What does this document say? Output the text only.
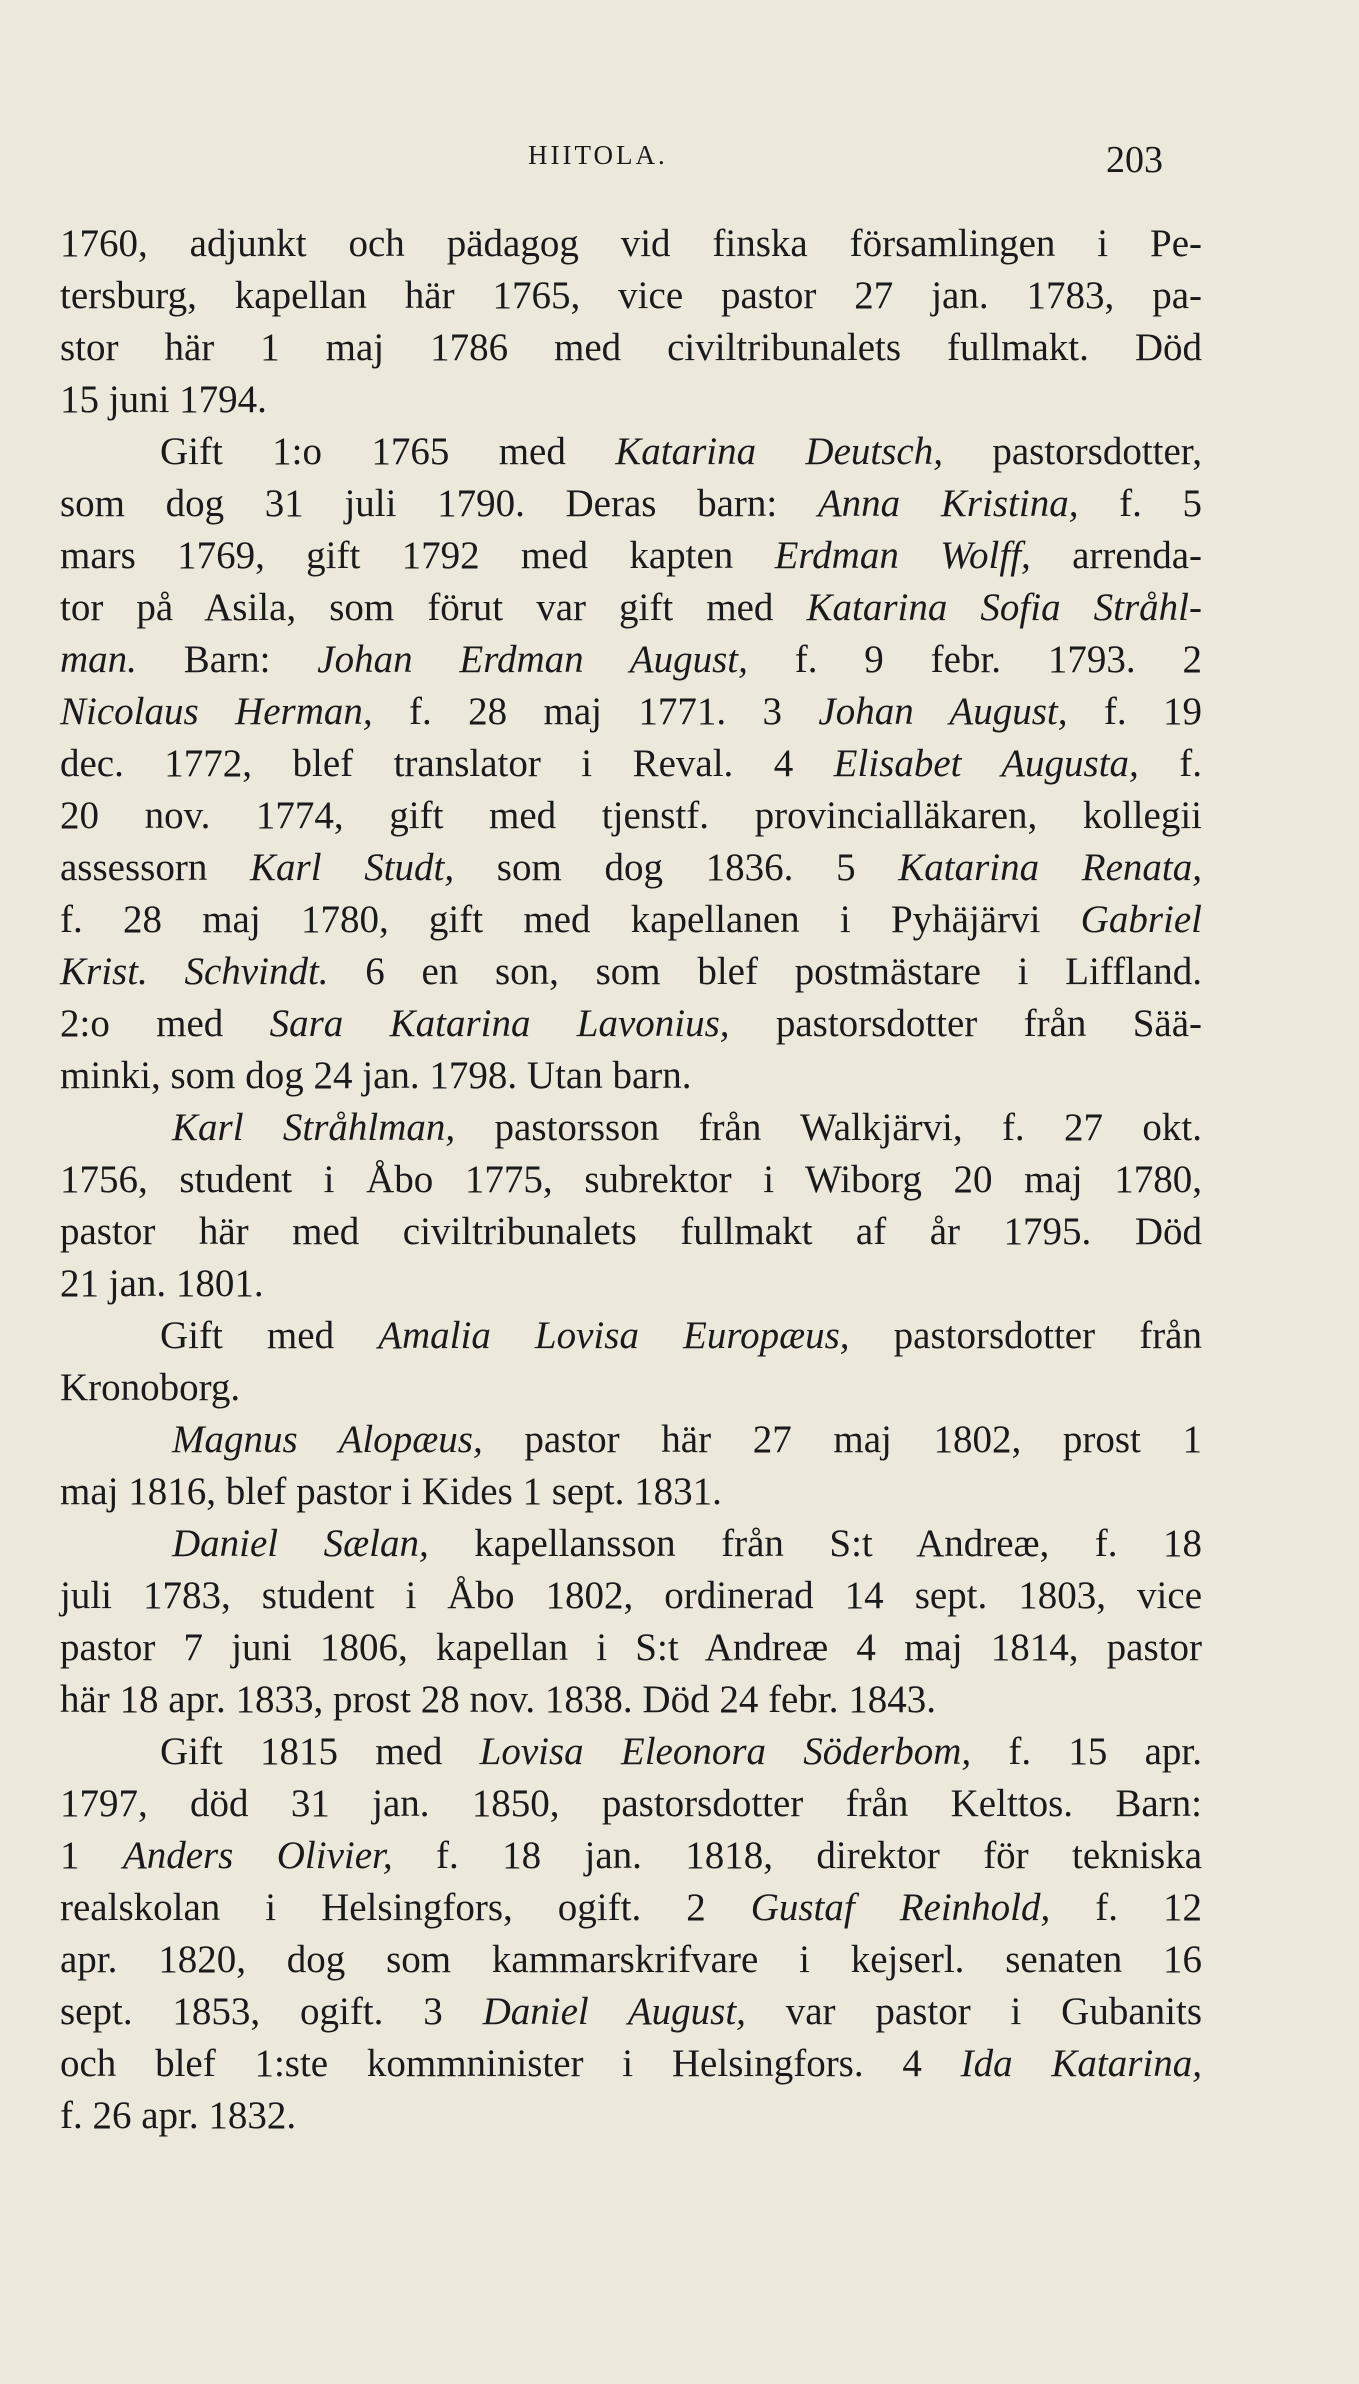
HIITOLA.	203
1760, adjunkt och pädagog vid finska församlingen i Pe-
tersburg, kapellan här 1765, vice pastor 27 jan. 1783, pa-
stor här 1 maj 1786 med civiltribunalets fullmakt. Död
15 juni 1794.
Gift 1:o 1765 med Katarina Deutsch, pastorsdotter,
som dog 31 juli 1790. Deras barn: Anna Kristina, f. 5
mars 1769, gift 1792 med kapten Erdman Wolff, arrenda-
tor på Asila, som förut var gift med Katarina Sofia Stråhl-
man. Barn: Johan Erdman August, f. 9 febr. 1793. 2
Nicolaus Herman, f. 28 maj 1771. 3 Johan August, f. 19
dec. 1772, blef translator i Reval. 4 Elisabet Augusta, f.
20 nov. 1774, gift med tjenstf. provincialläkaren, kollegii
assessorn Karl Studt, som dog 1836. 5 Katarina Renata,
f. 28 maj 1780, gift med kapellanen i Pyhäjärvi Gabriel
Krist. Schvindt. 6 en son, som blef postmästare i Liffland.
2:o med Sara Katarina Lavonius, pastorsdotter från Sää-
minki, som dog 24 jan. 1798. Utan barn.
Karl Stråhlman, pastorsson från Walkjärvi, f. 27 okt.
1756, student i Åbo 1775, subrektor i Wiborg 20 maj 1780,
pastor här med civiltribunalets fullmakt af år 1795. Död
21 jan. 1801.
Gift med Amalia Lovisa Europæus, pastorsdotter från
Kronoborg.
Magnus Alopæus, pastor här 27 maj 1802, prost 1
maj 1816, blef pastor i Kides 1 sept. 1831.
Daniel Sælan, kapellansson från S:t Andreæ, f. 18
juli 1783, student i Åbo 1802, ordinerad 14 sept. 1803, vice
pastor 7 juni 1806, kapellan i S:t Andreæ 4 maj 1814, pastor
här 18 apr. 1833, prost 28 nov. 1838. Död 24 febr. 1843.
Gift 1815 med Lovisa Eleonora Söderbom, f. 15 apr.
1797, död 31 jan. 1850, pastorsdotter från Kelttos. Barn:
1 Anders Olivier, f. 18 jan. 1818, direktor för tekniska
realskolan i Helsingfors, ogift. 2 Gustaf Reinhold, f. 12
apr. 1820, dog som kammarskrifvare i kejserl. senaten 16
sept. 1853, ogift. 3 Daniel August, var pastor i Gubanits
och blef 1:ste kommninister i Helsingfors. 4 Ida Katarina,
f. 26 apr. 1832.
